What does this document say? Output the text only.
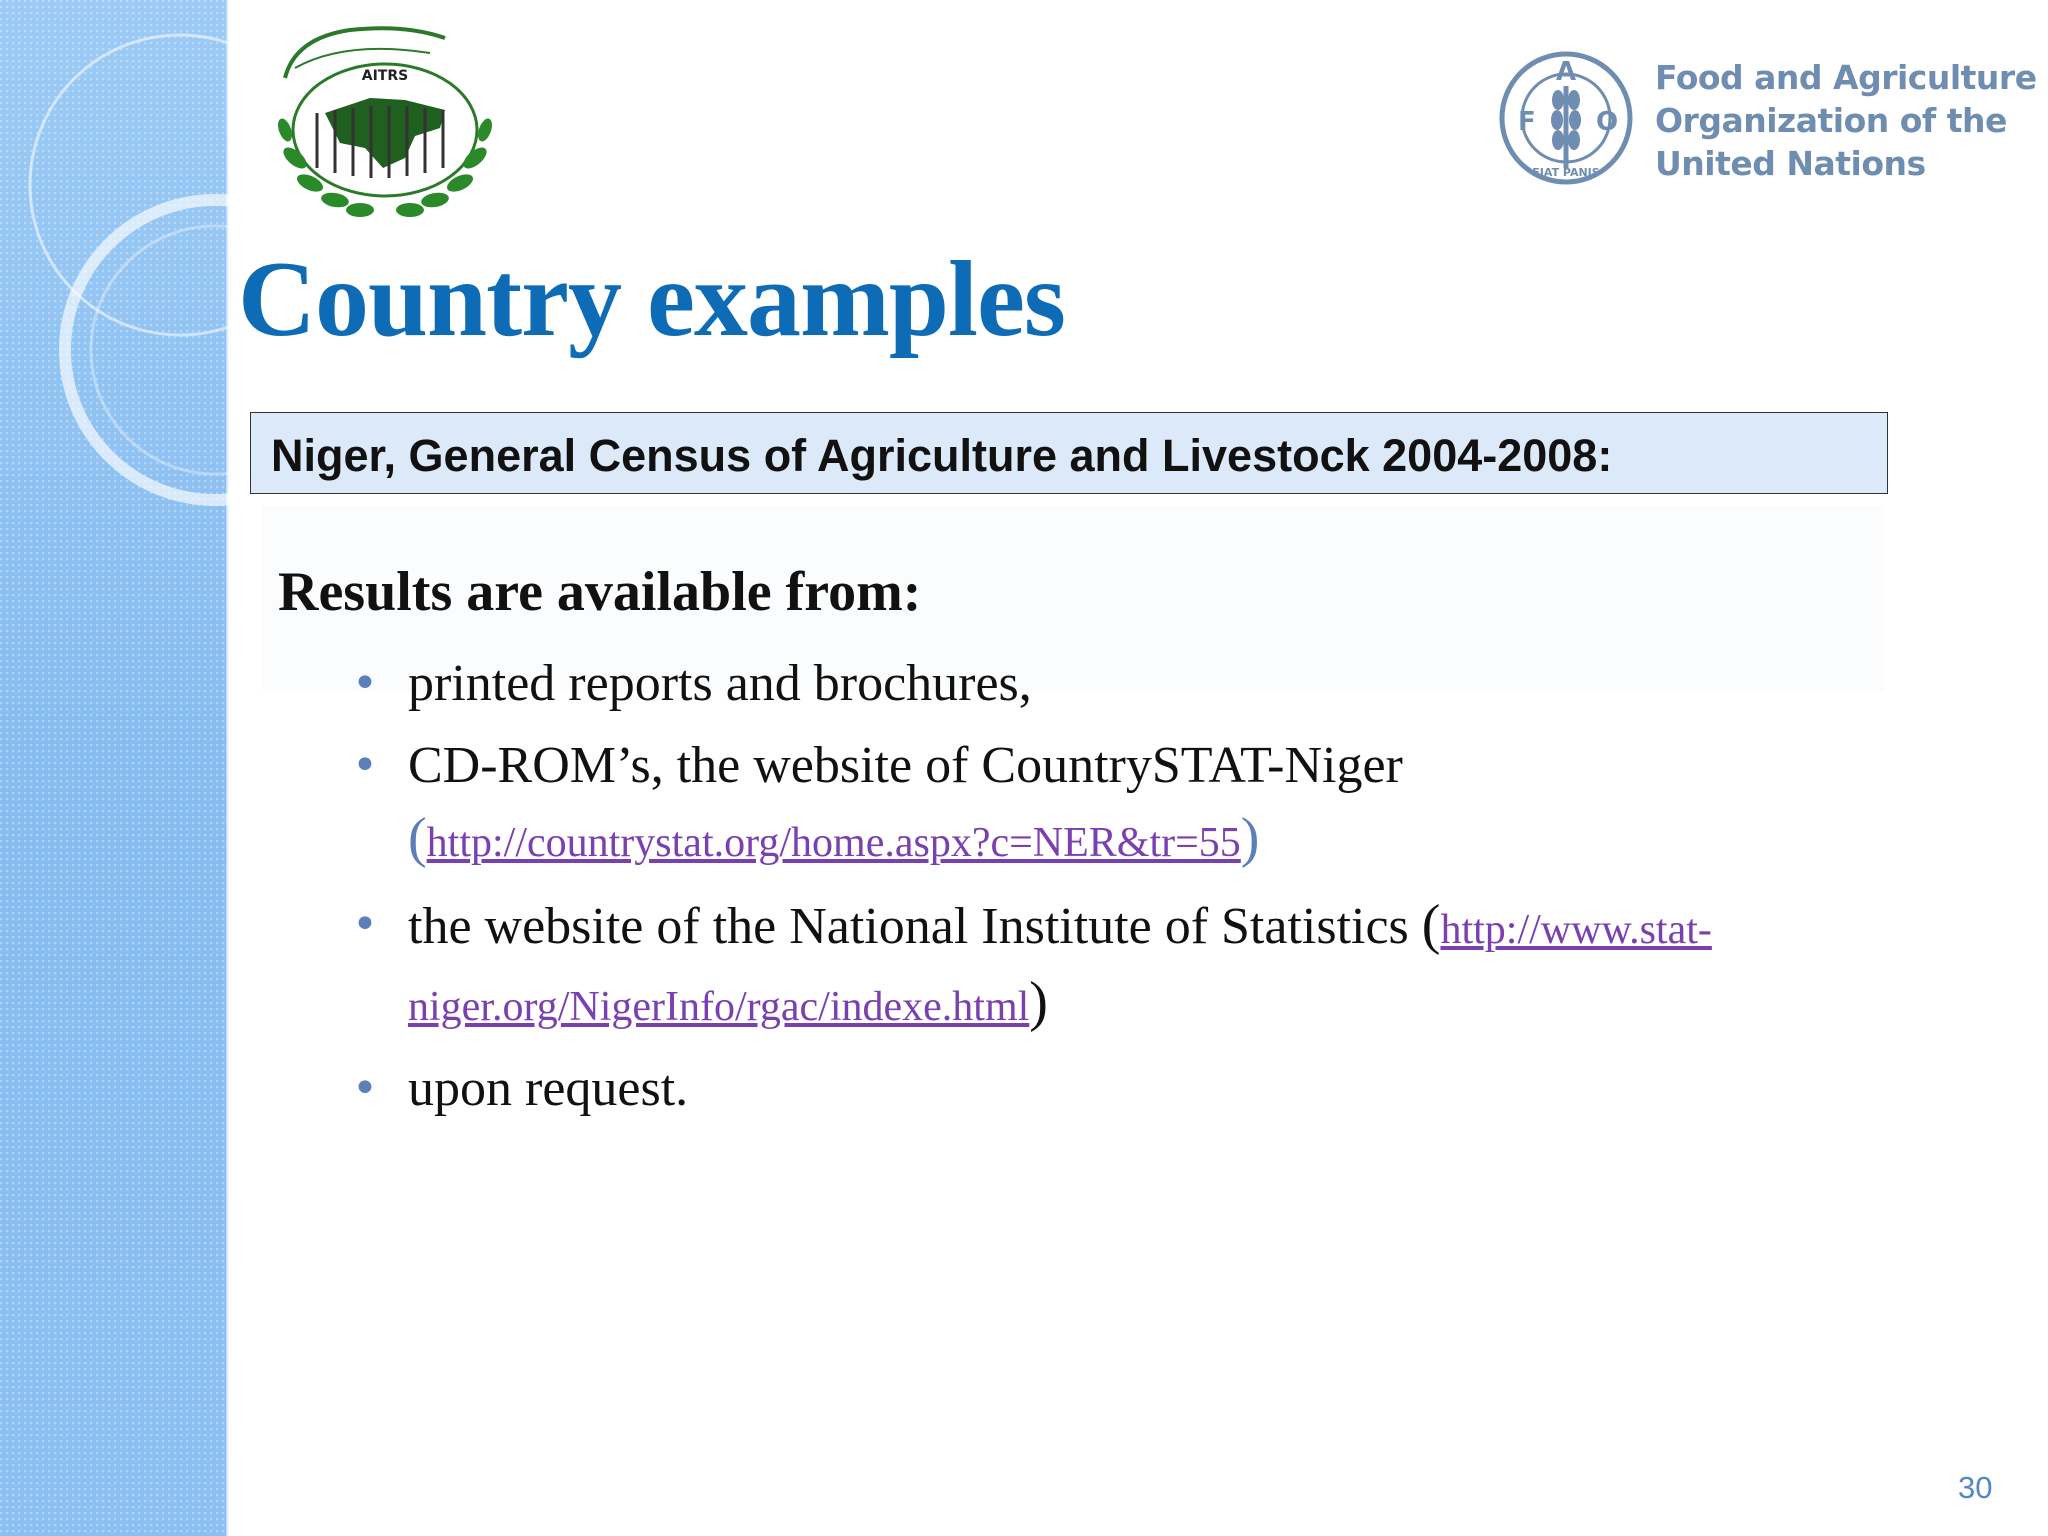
AITRS
F
A
O
FIAT PANIS
Food and Agriculture
Organization of the
United Nations
Country examples
Niger, General Census of Agriculture and Livestock 2004-2008:
Results are available from:
• printed reports and brochures,
• CD-ROM’s, the website of CountrySTAT-Niger
(http://countrystat.org/home.aspx?c=NER&tr=55)
• the website of the National Institute of Statistics (http://www.stat-
niger.org/NigerInfo/rgac/indexe.html)
• upon request.
30
